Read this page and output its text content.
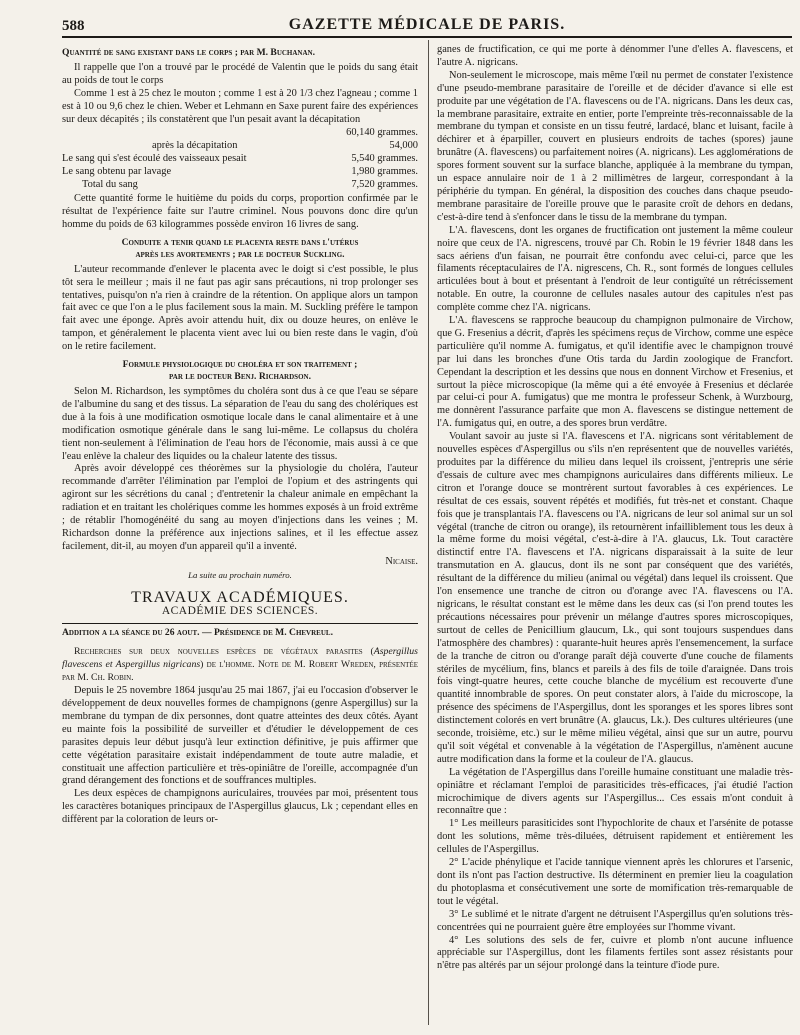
588	GAZETTE MÉDICALE DE PARIS.
Quantité de sang existant dans le corps ; par M. Buchanan.

Il rappelle que l'on a trouvé par le procédé de Valentin que le poids du sang était au poids de tout le corps

Comme 1 est à 25 chez le mouton ; comme 1 est à 20 1/3 chez l'agneau ; comme 1 est à 10 ou 9,6 chez le chien. Weber et Lehmann en Saxe purent faire des expériences sur deux décapités ; ils constatèrent que l'un pesait avant la décapitation

	60,140 grammes.
après la décapitation	54,000
Le sang qui s'est écoulé des vaisseaux pesait	5,540 grammes.
Le sang obtenu par lavage	1,980 grammes.
Total du sang	7,520 grammes.

Cette quantité forme le huitième du poids du corps, proportion confirmée par le résultat de l'expérience faite sur l'autre criminel. Nous pouvons donc dire qu'un homme du poids de 63 kilogrammes possède environ 16 livres de sang.

Conduite a tenir quand le placenta reste dans l'utérus
après les avortements ; par le docteur Suckling.

L'auteur recommande d'enlever le placenta avec le doigt si c'est possible, le plus tôt sera le meilleur ; mais il ne faut pas agir sans précautions, ni trop prolonger ses tentatives, puisqu'on n'a rien à craindre de la rétention. On applique alors un tampon fait avec ce que l'on a le plus facilement sous la main. M. Suckling préfère le tampon fait avec une éponge. Après avoir attendu huit, dix ou douze heures, on enlève le tampon, et généralement le placenta vient avec lui ou bien reste dans le vagin, d'où on le retire facilement.

Formule physiologique du choléra et son traitement ;
par le docteur Benj. Richardson.

Selon M. Richardson, les symptômes du choléra sont dus à ce que l'eau se sépare de l'albumine du sang et des tissus. La séparation de l'eau du sang des cholériques est due à la fois à une modification osmotique locale dans le canal alimentaire et à une modification osmotique générale dans le sang lui-même. Le collapsus du choléra tient non-seulement à l'élimination de l'eau hors de l'économie, mais aussi à ce que l'eau enlève la chaleur des liquides ou la chaleur latente des tissus.

Après avoir développé ces théorèmes sur la physiologie du choléra, l'auteur recommande d'arrêter l'élimination par l'emploi de l'opium et des astringents qui agiront sur les sécrétions du canal ; d'entretenir la chaleur animale en empêchant la radiation et en traitant les cholériques comme les hommes exposés à un froid extrême ; de rétablir l'homogénéité du sang au moyen d'injections dans les veines ; M. Richardson donne la préférence aux injections salines, et il les effectue assez facilement, dit-il, au moyen d'un appareil qu'il a inventé.

Nicaise.
La suite au prochain numéro.
TRAVAUX ACADÉMIQUES.
ACADÉMIE DES SCIENCES.
Addition a la séance du 26 aout. — Présidence de M. Chevreul.

Recherches sur deux nouvelles espèces de végétaux parasites (Aspergillus flavescens et Aspergillus nigricans) de l'homme. Note de M. Robert Wreden, présentée par M. Ch. Robin.

Depuis le 25 novembre 1864 jusqu'au 25 mai 1867, j'ai eu l'occasion d'observer le développement de deux nouvelles formes de champignons (genre Aspergillus) sur la membrane du tympan de dix personnes, dont quatre atteintes des deux côtés. Ayant eu mainte fois la possibilité de surveiller et d'étudier le développement de ces parasites depuis leur début jusqu'à leur extinction définitive, je puis affirmer que cette végétation parasitaire existait indépendamment de toute autre maladie, et constituait une affection particulière et très-opiniâtre de l'oreille, accompagnée d'un grand dérangement des fonctions et de souffrances multiples.

Les deux espèces de champignons auriculaires, trouvées par moi, présentent tous les caractères botaniques principaux de l'Aspergillus glaucus, Lk ; cependant elles en diffèrent par la coloration de leurs or-

ganes de fructification, ce qui me porte à dénommer l'une d'elles A. flavescens, et l'autre A. nigricans.

Non-seulement le microscope, mais même l'œil nu permet de constater l'existence d'une pseudo-membrane parasitaire de l'oreille et de décider d'avance si elle est produite par une végétation de l'A. flavescens ou de l'A. nigricans. Dans les deux cas, la membrane parasitaire, extraite en entier, porte l'empreinte très-reconnaissable de la membrane du tympan et consiste en un tissu feutré, lardacé, blanc et luisant, facile à déchirer et à éparpiller, couvert en plusieurs endroits de taches (spores) jaune brunâtre (A. flavescens) ou parfaitement noires (A. nigricans). Les agglomérations de spores forment souvent sur la surface blanche, appliquée à la membrane du tympan, un espace annulaire noir de 1 à 2 millimètres de largeur, correspondant à la périphérie du tympan. En général, la disposition des couches dans chaque pseudo-membrane parasitaire de l'oreille prouve que le parasite croît de dehors en dedans, c'est-à-dire tend à s'enfoncer dans le tissu de la membrane du tympan.

L'A. flavescens, dont les organes de fructification ont justement la même couleur noire que ceux de l'A. nigrescens, trouvé par Ch. Robin le 19 février 1848 dans les sacs aériens d'un faisan, ne pourrait être confondu avec celui-ci, parce que les filaments réceptaculaires de l'A. nigrescens, Ch. R., sont formés de longues cellules articulées bout à bout et présentant à l'endroit de leur contiguïté un rétrécissement notable. En outre, la couronne de cellules nasales autour des capitules n'est pas complète comme chez l'A. nigricans.

L'A. flavescens se rapproche beaucoup du champignon pulmonaire de Virchow, que G. Fresenius a décrit, d'après les spécimens reçus de Virchow, comme une espèce particulière qu'il nomme A. fumigatus, et qu'il identifie avec le champignon trouvé par lui dans les bronches d'une Otis tarda du Jardin zoologique de Francfort. Cependant la description et les dessins que nous en donnent Virchow et Fresenius, et surtout la pièce microscopique (la même qui a été envoyée à Fresenius et déclarée par celui-ci pour A. fumigatus) que me montra le professeur Schenk, à Wurzbourg, me donnèrent l'assurance parfaite que mon A. flavescens se distingue nettement de l'A. fumigatus qui, en outre, a des spores brun verdâtre.

Voulant savoir au juste si l'A. flavescens et l'A. nigricans sont véritablement de nouvelles espèces d'Aspergillus ou s'ils n'en représentent que de nouvelles variétés, produites par la différence du milieu dans lequel ils croissent, j'entrepris une série d'essais de culture avec mes champignons auriculaires dans différents milieux. Le citron et l'orange douce se montrèrent surtout favorables à ces expériences. Le résultat de ces essais, souvent répétés et modifiés, fut très-net et constant. Chaque fois que je transplantais l'A. flavescens ou l'A. nigricans de leur sol animal sur un sol végétal (tranche de citron ou orange), ils retournèrent infailliblement tous les deux à la même forme du moisi végétal, c'est-à-dire à l'A. glaucus, Lk. Tout caractère distinctif entre l'A. flavescens et l'A. nigricans disparaissait à la suite de leur transmutation en A. glaucus, dont ils ne sont par conséquent que des variétés, résultant de la différence du milieu (animal ou végétal) dans lequel ils croissent. Que l'on ensemence une tranche de citron ou d'orange avec l'A. flavescens ou l'A. nigricans, le résultat constant est le même dans les deux cas (si l'on prend toutes les précautions nécessaires pour prévenir un mélange d'autres spores microscopiques, surtout de celles de Penicillium glaucum, Lk., qui sont toujours suspendues dans l'atmosphère des chambres) : quarante-huit heures après l'ensemencement, la surface de la tranche de citron ou d'orange paraît déjà couverte d'une couche de filaments stériles de mycélium, fins, blancs et pareils à des fils de toile d'araignée. Dans trois fois vingt-quatre heures, cette couche blanche de mycélium est recouverte d'une quantité innombrable de spores. On peut constater alors, à l'aide du microscope, la présence des spécimens de l'Aspergillus, dont les sporanges et les spores libres sont distinctement colorés en vert brunâtre (A. glaucus, Lk.). Des cultures ultérieures (une seconde, troisième, etc.) sur le même milieu végétal, ainsi que sur un autre, pourvu qu'il soit végétal et convenable à la végétation de l'Aspergillus, n'amènent aucune autre modification dans la forme et la couleur de l'A. glaucus.

La végétation de l'Aspergillus dans l'oreille humaine constituant une maladie très-opiniâtre et réclamant l'emploi de parasiticides très-efficaces, j'ai étudié l'action microchimique de divers agents sur l'Aspergillus... Ces essais m'ont conduit à reconnaître que :

1° Les meilleurs parasiticides sont l'hypochlorite de chaux et l'arsénite de potasse dont les solutions, même très-diluées, détruisent rapidement et entièrement les cellules de l'Aspergillus.

2° L'acide phénylique et l'acide tannique viennent après les chlorures et l'arsenic, dont ils n'ont pas l'action destructive. Ils déterminent en premier lieu la coagulation du photoplasma et consécutivement une sorte de momification très-remarquable de tout le végétal.

3° Le sublimé et le nitrate d'argent ne détruisent l'Aspergillus qu'en solutions très-concentrées qui ne pourraient guère être employées sur l'homme vivant.

4° Les solutions des sels de fer, cuivre et plomb n'ont aucune influence appréciable sur l'Aspergillus, dont les filaments fertiles sont assez résistants pour n'être pas altérés par un séjour prolongé dans la teinture d'iode pure.
